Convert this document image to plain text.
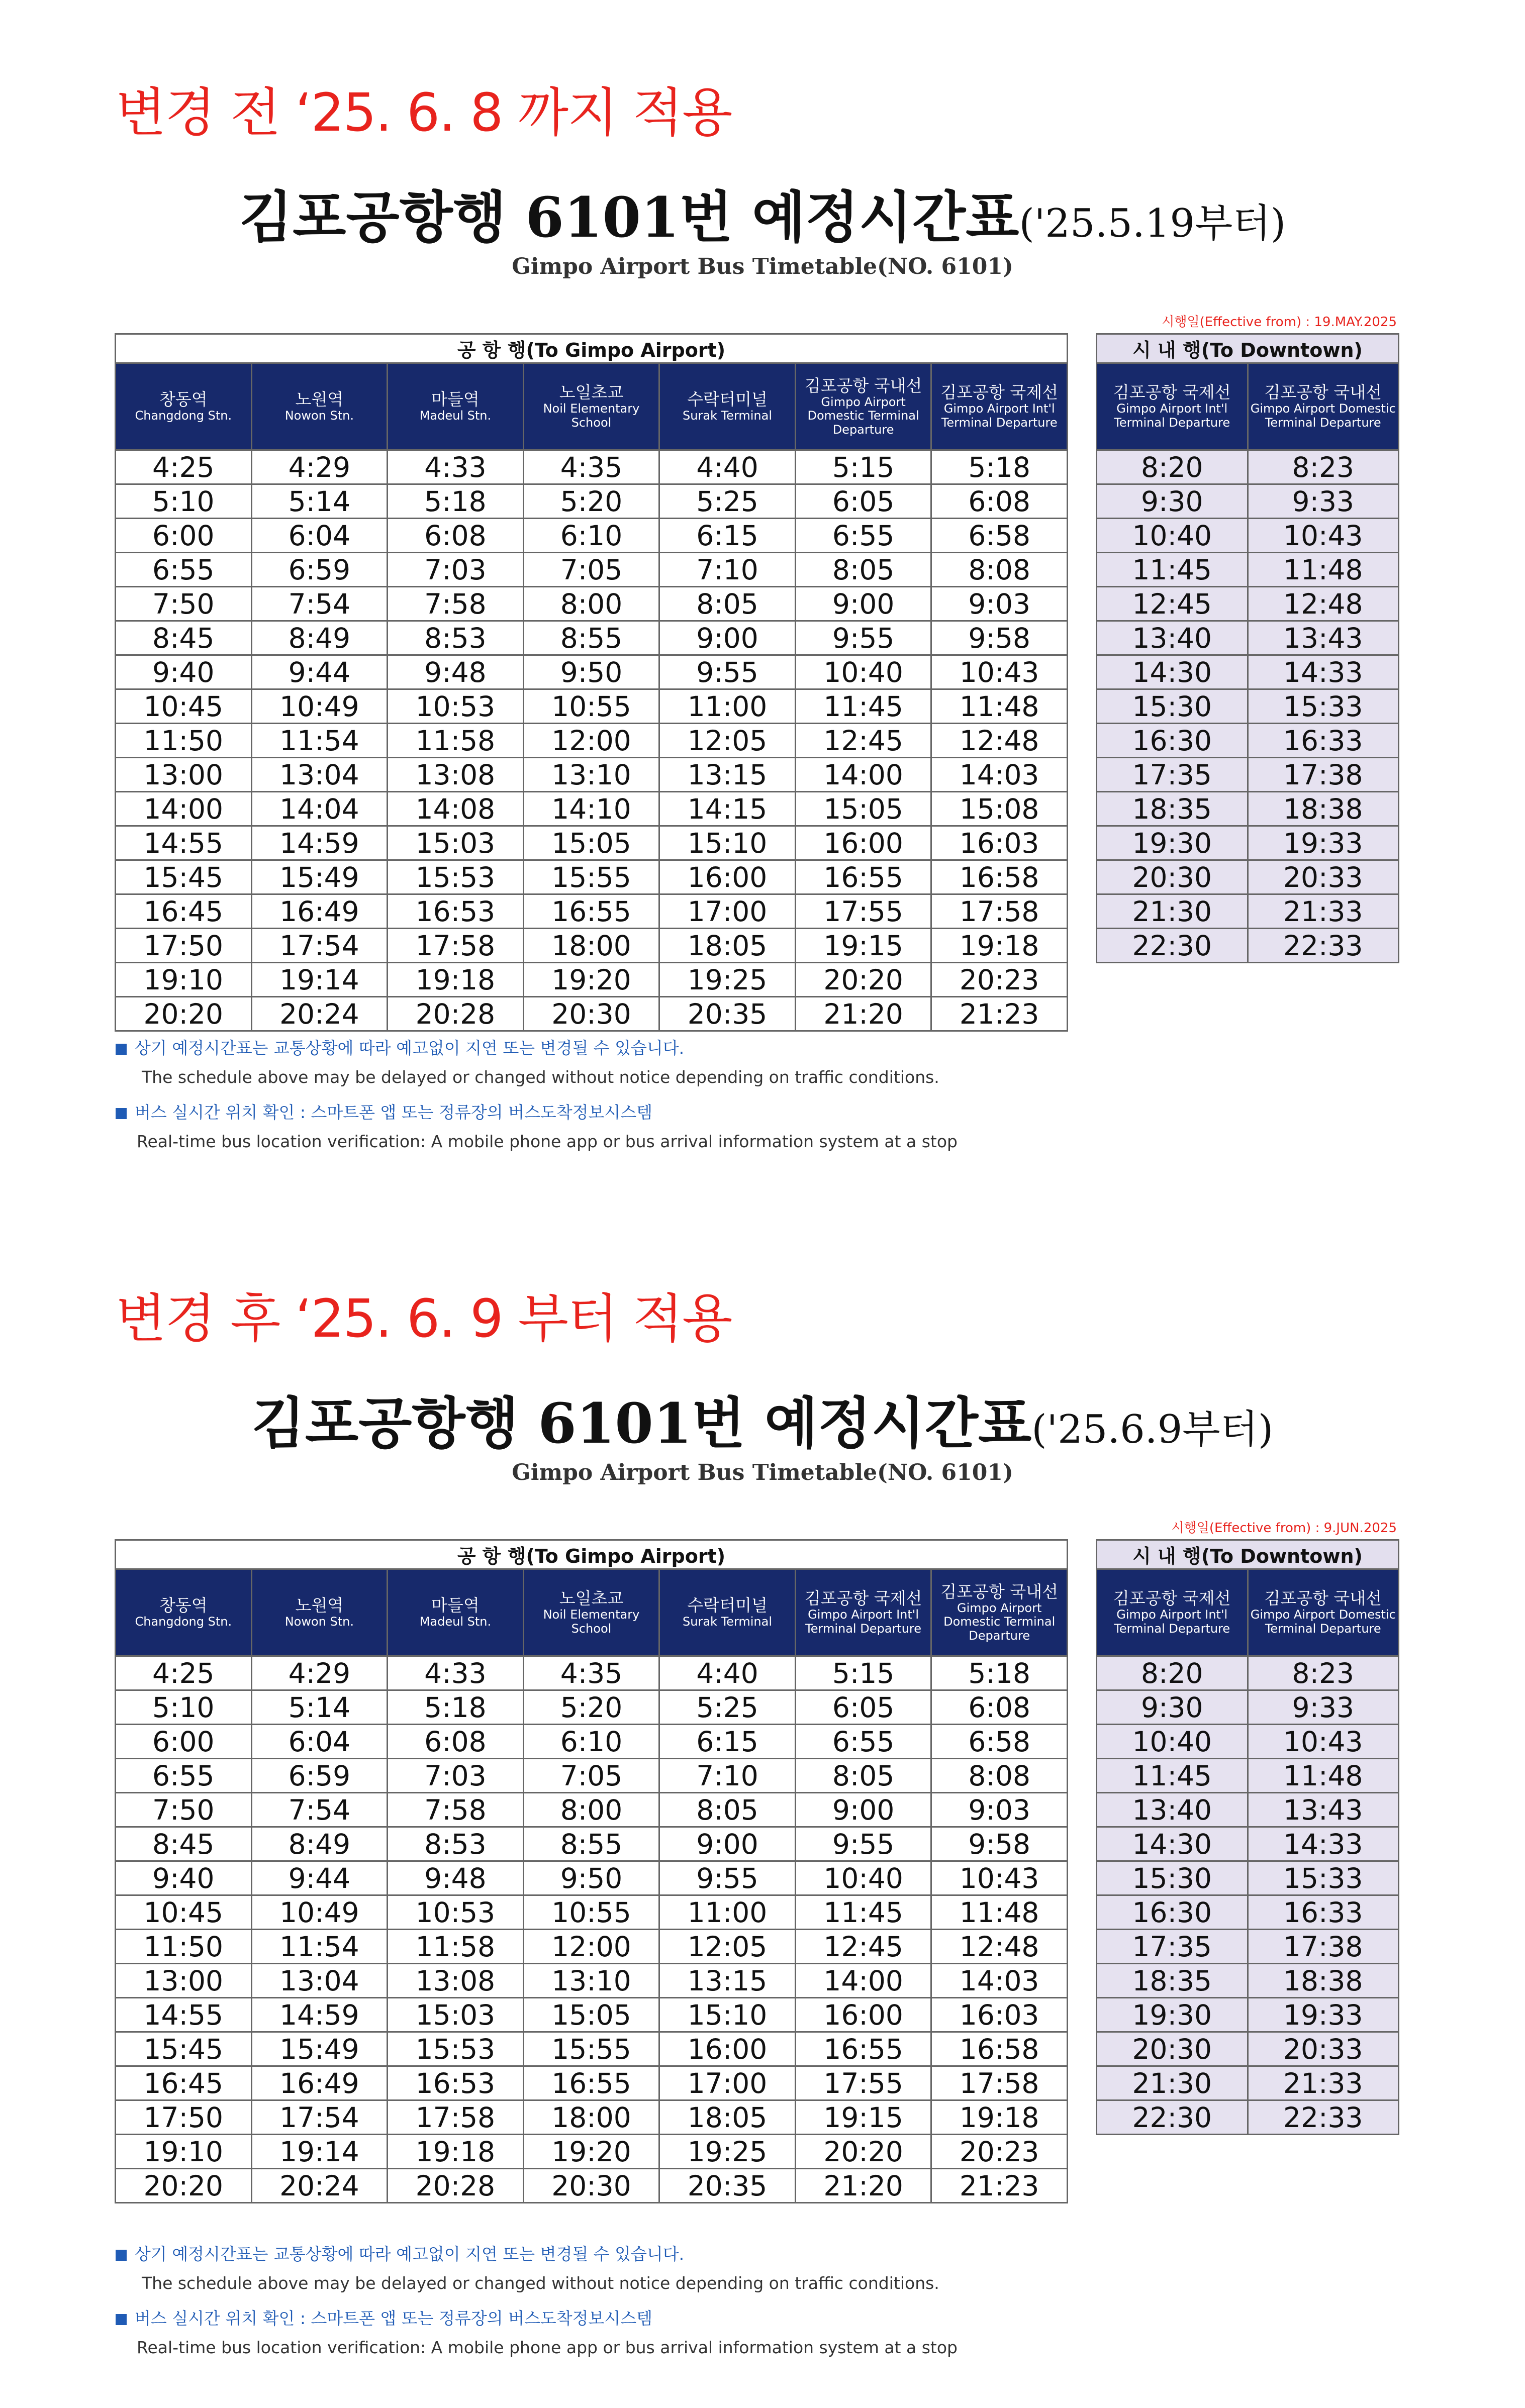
변경 전 ‘25. 6. 8 까지 적용
김포공항행 6101번 예정시간표('25.5.19부터)
Gimpo Airport Bus Timetable(NO. 6101)
시행일(Effective from) : 19.MAY.2025
공 항 행(To Gimpo Airport)						

창동역
Changdong Stn.	노원역
Nowon Stn.	마들역
Madeul Stn.	노일초교
Noil Elementary School	수락터미널
Surak Terminal	김포공항 국내선
Gimpo Airport Domestic Terminal Departure	김포공항 국제선
Gimpo Airport Int'l Terminal Departure

4:25	4:29	4:33	4:35	4:40	5:15	5:18
5:10	5:14	5:18	5:20	5:25	6:05	6:08
6:00	6:04	6:08	6:10	6:15	6:55	6:58
6:55	6:59	7:03	7:05	7:10	8:05	8:08
7:50	7:54	7:58	8:00	8:05	9:00	9:03
8:45	8:49	8:53	8:55	9:00	9:55	9:58
9:40	9:44	9:48	9:50	9:55	10:40	10:43
10:45	10:49	10:53	10:55	11:00	11:45	11:48
11:50	11:54	11:58	12:00	12:05	12:45	12:48
13:00	13:04	13:08	13:10	13:15	14:00	14:03
14:00	14:04	14:08	14:10	14:15	15:05	15:08
14:55	14:59	15:03	15:05	15:10	16:00	16:03
15:45	15:49	15:53	15:55	16:00	16:55	16:58
16:45	16:49	16:53	16:55	17:00	17:55	17:58
17:50	17:54	17:58	18:00	18:05	19:15	19:18
19:10	19:14	19:18	19:20	19:25	20:20	20:23
20:20	20:24	20:28	20:30	20:35	21:20	21:23
시 내 행(To Downtown)	

김포공항 국제선
Gimpo Airport Int'l Terminal Departure	김포공항 국내선
Gimpo Airport Domestic Terminal Departure

8:20	8:23
9:30	9:33
10:40	10:43
11:45	11:48
12:45	12:48
13:40	13:43
14:30	14:33
15:30	15:33
16:30	16:33
17:35	17:38
18:35	18:38
19:30	19:33
20:30	20:33
21:30	21:33
22:30	22:33
상기 예정시간표는 교통상황에 따라 예고없이 지연 또는 변경될 수 있습니다.
The schedule above may be delayed or changed without notice depending on traffic conditions.
버스 실시간 위치 확인 : 스마트폰 앱 또는 정류장의 버스도착정보시스템
Real-time bus location verification: A mobile phone app or bus arrival information system at a stop
변경 후 ‘25. 6. 9 부터 적용
김포공항행 6101번 예정시간표('25.6.9부터)
Gimpo Airport Bus Timetable(NO. 6101)
시행일(Effective from) : 9.JUN.2025
공 항 행(To Gimpo Airport)						

창동역
Changdong Stn.	노원역
Nowon Stn.	마들역
Madeul Stn.	노일초교
Noil Elementary School	수락터미널
Surak Terminal	김포공항 국제선
Gimpo Airport Int'l Terminal Departure	김포공항 국내선
Gimpo Airport Domestic Terminal Departure

4:25	4:29	4:33	4:35	4:40	5:15	5:18
5:10	5:14	5:18	5:20	5:25	6:05	6:08
6:00	6:04	6:08	6:10	6:15	6:55	6:58
6:55	6:59	7:03	7:05	7:10	8:05	8:08
7:50	7:54	7:58	8:00	8:05	9:00	9:03
8:45	8:49	8:53	8:55	9:00	9:55	9:58
9:40	9:44	9:48	9:50	9:55	10:40	10:43
10:45	10:49	10:53	10:55	11:00	11:45	11:48
11:50	11:54	11:58	12:00	12:05	12:45	12:48
13:00	13:04	13:08	13:10	13:15	14:00	14:03
14:55	14:59	15:03	15:05	15:10	16:00	16:03
15:45	15:49	15:53	15:55	16:00	16:55	16:58
16:45	16:49	16:53	16:55	17:00	17:55	17:58
17:50	17:54	17:58	18:00	18:05	19:15	19:18
19:10	19:14	19:18	19:20	19:25	20:20	20:23
20:20	20:24	20:28	20:30	20:35	21:20	21:23
시 내 행(To Downtown)	

김포공항 국제선
Gimpo Airport Int'l Terminal Departure	김포공항 국내선
Gimpo Airport Domestic Terminal Departure

8:20	8:23
9:30	9:33
10:40	10:43
11:45	11:48
13:40	13:43
14:30	14:33
15:30	15:33
16:30	16:33
17:35	17:38
18:35	18:38
19:30	19:33
20:30	20:33
21:30	21:33
22:30	22:33
상기 예정시간표는 교통상황에 따라 예고없이 지연 또는 변경될 수 있습니다.
The schedule above may be delayed or changed without notice depending on traffic conditions.
버스 실시간 위치 확인 : 스마트폰 앱 또는 정류장의 버스도착정보시스템
Real-time bus location verification: A mobile phone app or bus arrival information system at a stop
